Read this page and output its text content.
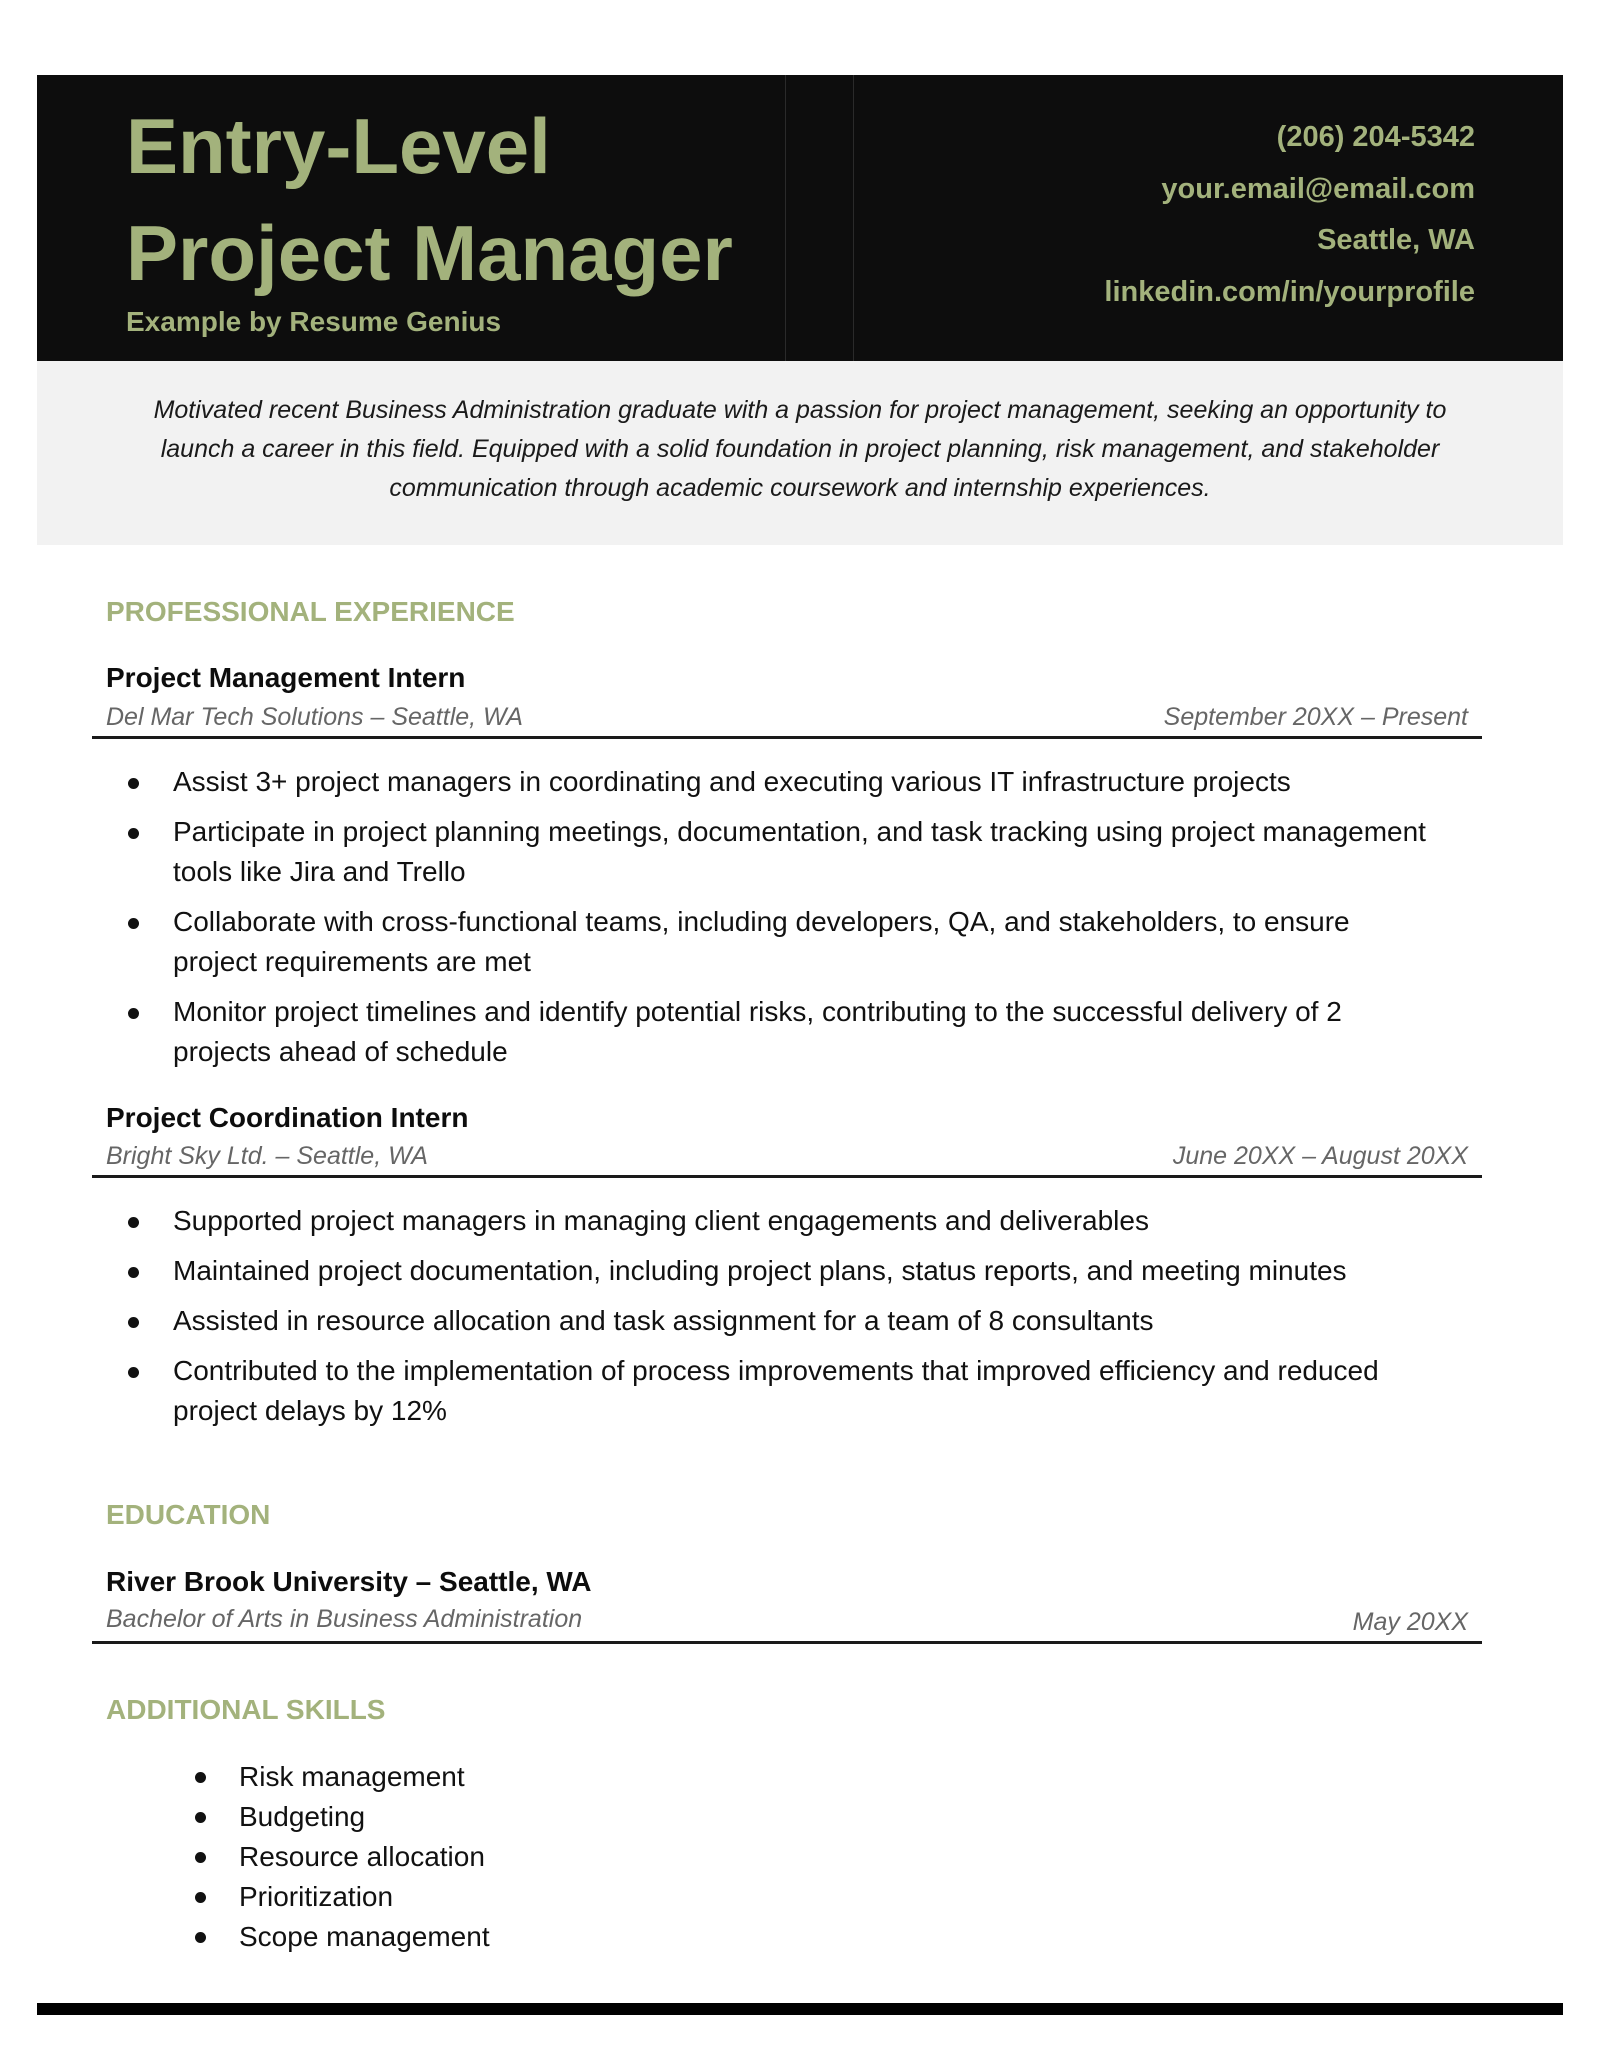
Entry-Level
Project Manager
Example by Resume Genius
(206) 204-5342
your.email@email.com
Seattle, WA
linkedin.com/in/yourprofile

Motivated recent Business Administration graduate with a passion for project management, seeking an opportunity to launch a career in this field. Equipped with a solid foundation in project planning, risk management, and stakeholder communication through academic coursework and internship experiences.

PROFESSIONAL EXPERIENCE
Project Management Intern
Del Mar Tech Solutions – Seattle, WA	September 20XX – Present
Assist 3+ project managers in coordinating and executing various IT infrastructure projects
Participate in project planning meetings, documentation, and task tracking using project management tools like Jira and Trello
Collaborate with cross-functional teams, including developers, QA, and stakeholders, to ensure project requirements are met
Monitor project timelines and identify potential risks, contributing to the successful delivery of 2 projects ahead of schedule
Project Coordination Intern
Bright Sky Ltd. – Seattle, WA	June 20XX – August 20XX
Supported project managers in managing client engagements and deliverables
Maintained project documentation, including project plans, status reports, and meeting minutes
Assisted in resource allocation and task assignment for a team of 8 consultants
Contributed to the implementation of process improvements that improved efficiency and reduced project delays by 12%
EDUCATION
River Brook University – Seattle, WA
Bachelor of Arts in Business Administration	May 20XX
ADDITIONAL SKILLS
Risk management
Budgeting
Resource allocation
Prioritization
Scope management
